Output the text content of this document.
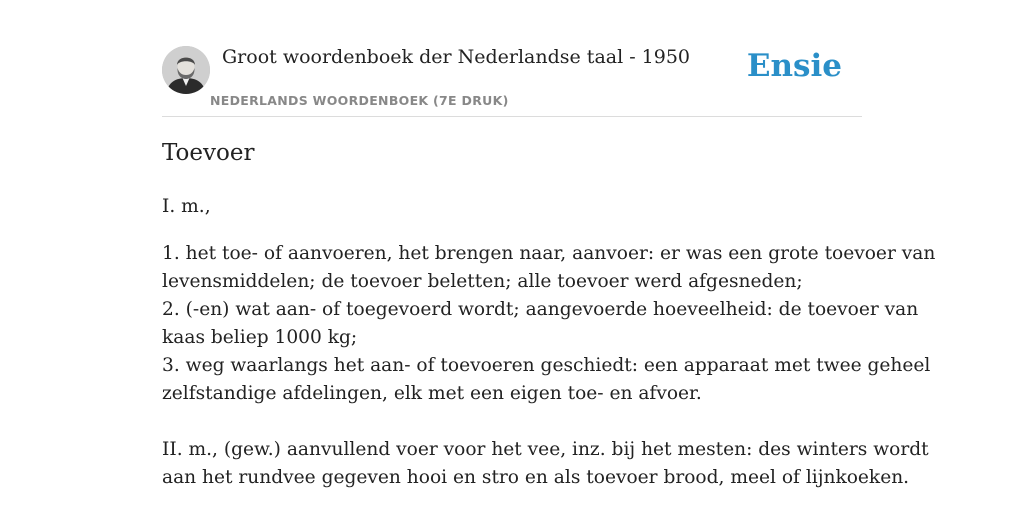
Groot woordenboek der Nederlandse taal - 1950
NEDERLANDS WOORDENBOEK (7E DRUK)
Ensie
Toevoer

I. m.,

1. het toe- of aanvoeren, het brengen naar, aanvoer: er was een grote toevoer van

levensmiddelen; de toevoer beletten; alle toevoer werd afgesneden;

2. (-en) wat aan- of toegevoerd wordt; aangevoerde hoeveelheid: de toevoer van

kaas beliep 1000 kg;

3. weg waarlangs het aan- of toevoeren geschiedt: een apparaat met twee geheel

zelfstandige afdelingen, elk met een eigen toe- en afvoer.

II. m., (gew.) aanvullend voer voor het vee, inz. bij het mesten: des winters wordt

aan het rundvee gegeven hooi en stro en als toevoer brood, meel of lijnkoeken.
